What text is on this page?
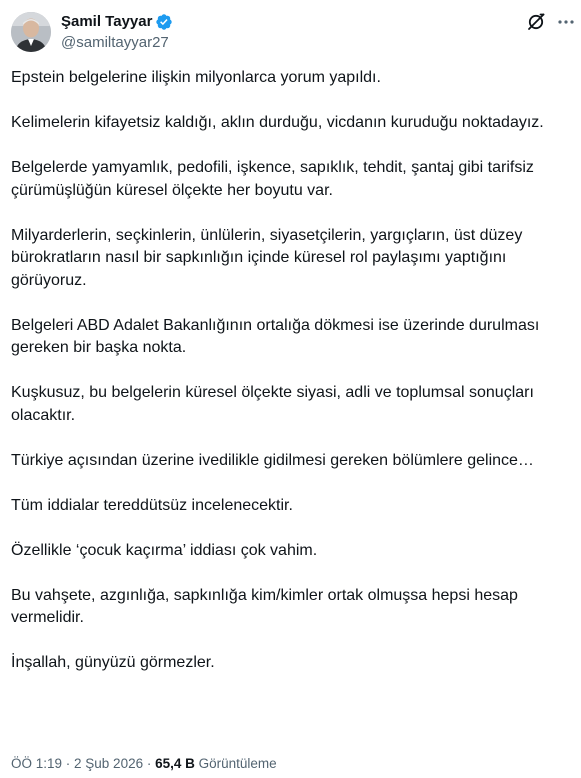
Şamil Tayyar
@samiltayyar27

Epstein belgelerine ilişkin milyonlarca yorum yapıldı.

Kelimelerin kifayetsiz kaldığı, aklın durduğu, vicdanın kuruduğu noktadayız.

Belgelerde yamyamlık, pedofili, işkence, sapıklık, tehdit, şantaj gibi tarifsiz çürümüşlüğün küresel ölçekte her boyutu var.

Milyarderlerin, seçkinlerin, ünlülerin, siyasetçilerin, yargıçların, üst düzey bürokratların nasıl bir sapkınlığın içinde küresel rol paylaşımı yaptığını görüyoruz.

Belgeleri ABD Adalet Bakanlığının ortalığa dökmesi ise üzerinde durulması gereken bir başka nokta.

Kuşkusuz, bu belgelerin küresel ölçekte siyasi, adli ve toplumsal sonuçları olacaktır.

Türkiye açısından üzerine ivedilikle gidilmesi gereken bölümlere gelince…

Tüm iddialar tereddütsüz incelenecektir.

Özellikle ‘çocuk kaçırma’ iddiası çok vahim.

Bu vahşete, azgınlığa, sapkınlığa kim/kimler ortak olmuşsa hepsi hesap vermelidir.

İnşallah, günyüzü görmezler.

ÖÖ 1:19 · 2 Şub 2026 · 65,4 B Görüntüleme
